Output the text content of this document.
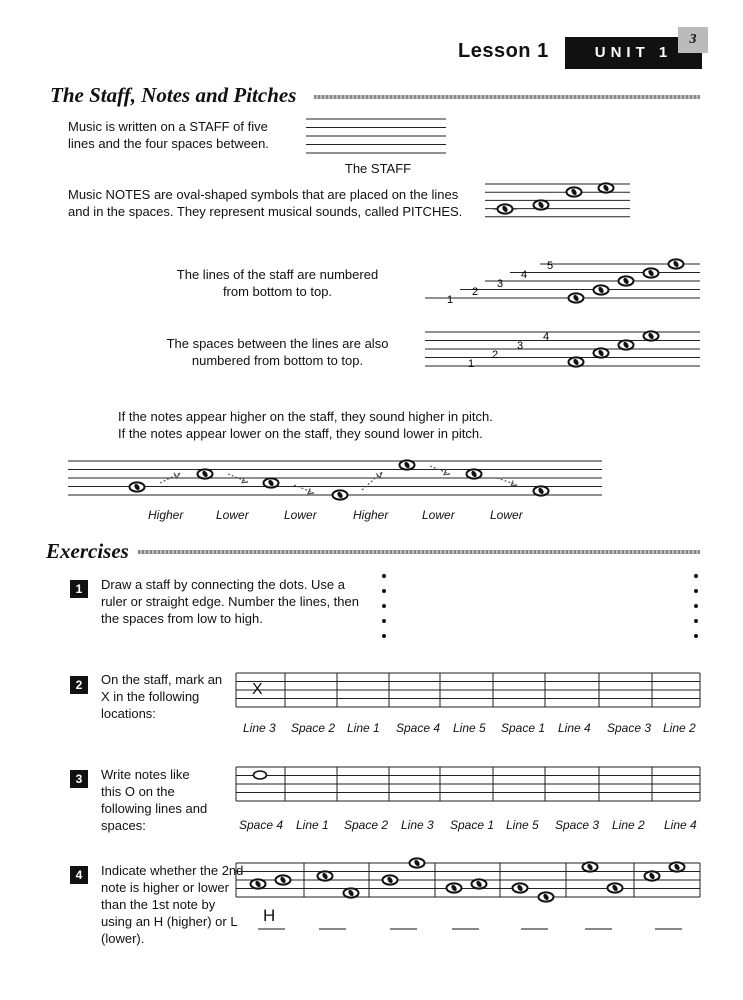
Lesson 1	UNIT 1
3
The Staff, Notes and Pitches
Music is written on a STAFF of five lines and the four spaces between.
The STAFF
Music NOTES are oval-shaped symbols that are placed on the lines
and in the spaces. They represent musical sounds, called PITCHES.
The lines of the staff are numbered from bottom to top.
The spaces between the lines are also numbered from bottom to top.
If the notes appear higher on the staff, they sound higher in pitch.
If the notes appear lower on the staff, they sound lower in pitch.
Exercises
1	Draw a staff by connecting the dots. Use a ruler or straight edge. Number the lines, then the spaces from low to high.
2	On the staff, mark an X in the following locations:
X
3	Write notes like this O on the following lines and spaces:
4	Indicate whether the 2nd note is higher or lower than the 1st note by using an H (higher) or L (lower).
H
Higher	Lower	Lower	Higher	Lower	Lower
Line 3 Space 2 Line 1 Space 4 Line 5 Space 1 Line 4 Space 3 Line 2
Space 4 Line 1 Space 2 Line 3 Space 1 Line 5 Space 3 Line 2 Line 4
1
2
3
4
5
1
2
3
4
